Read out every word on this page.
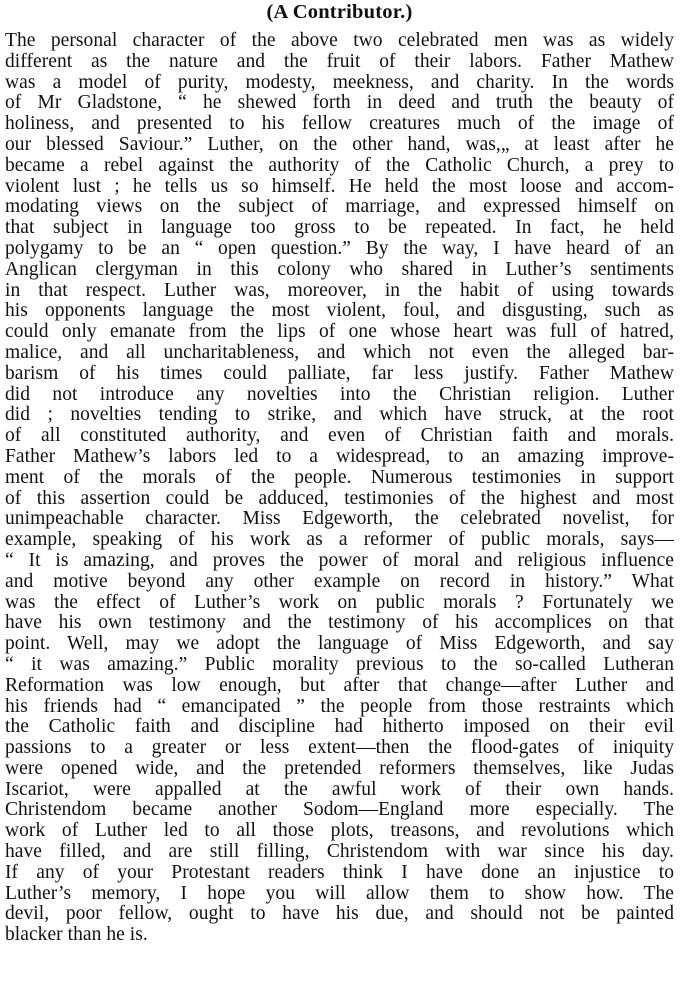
(A Contributor.)
The personal character of the above two celebrated men was as widely
different as the nature and the fruit of their labors. Father Mathew
was a model of purity, modesty, meekness, and charity. In the words
of Mr Gladstone, “ he shewed forth in deed and truth the beauty of
holiness, and presented to his fellow creatures much of the image of
our blessed Saviour.” Luther, on the other hand, was,„ at least after he
became a rebel against the authority of the Catholic Church, a prey to
violent lust ; he tells us so himself. He held the most loose and accom-
modating views on the subject of marriage, and expressed himself on
that subject in language too gross to be repeated. In fact, he held
polygamy to be an “ open question.” By the way, I have heard of an
Anglican clergyman in this colony who shared in Luther’s sentiments
in that respect. Luther was, moreover, in the habit of using towards
his opponents language the most violent, foul, and disgusting, such as
could only emanate from the lips of one whose heart was full of hatred,
malice, and all uncharitableness, and which not even the alleged bar-
barism of his times could palliate, far less justify. Father Mathew
did not introduce any novelties into the Christian religion. Luther
did ; novelties tending to strike, and which have struck, at the root
of all constituted authority, and even of Christian faith and morals.
Father Mathew’s labors led to a widespread, to an amazing improve-
ment of the morals of the people. Numerous testimonies in support
of this assertion could be adduced, testimonies of the highest and most
unimpeachable character. Miss Edgeworth, the celebrated novelist, for
example, speaking of his work as a reformer of public morals, says—
“ It is amazing, and proves the power of moral and religious influence
and motive beyond any other example on record in history.” What
was the effect of Luther’s work on public morals ? Fortunately we
have his own testimony and the testimony of his accomplices on that
point. Well, may we adopt the language of Miss Edgeworth, and say
“ it was amazing.” Public morality previous to the so-called Lutheran
Reformation was low enough, but after that change—after Luther and
his friends had “ emancipated ” the people from those restraints which
the Catholic faith and discipline had hitherto imposed on their evil
passions to a greater or less extent—then the flood-gates of iniquity
were opened wide, and the pretended reformers themselves, like Judas
Iscariot, were appalled at the awful work of their own hands.
Christendom became another Sodom—England more especially. The
work of Luther led to all those plots, treasons, and revolutions which
have filled, and are still filling, Christendom with war since his day.
If any of your Protestant readers think I have done an injustice to
Luther’s memory, I hope you will allow them to show how. The
devil, poor fellow, ought to have his due, and should not be painted
blacker than he is.
